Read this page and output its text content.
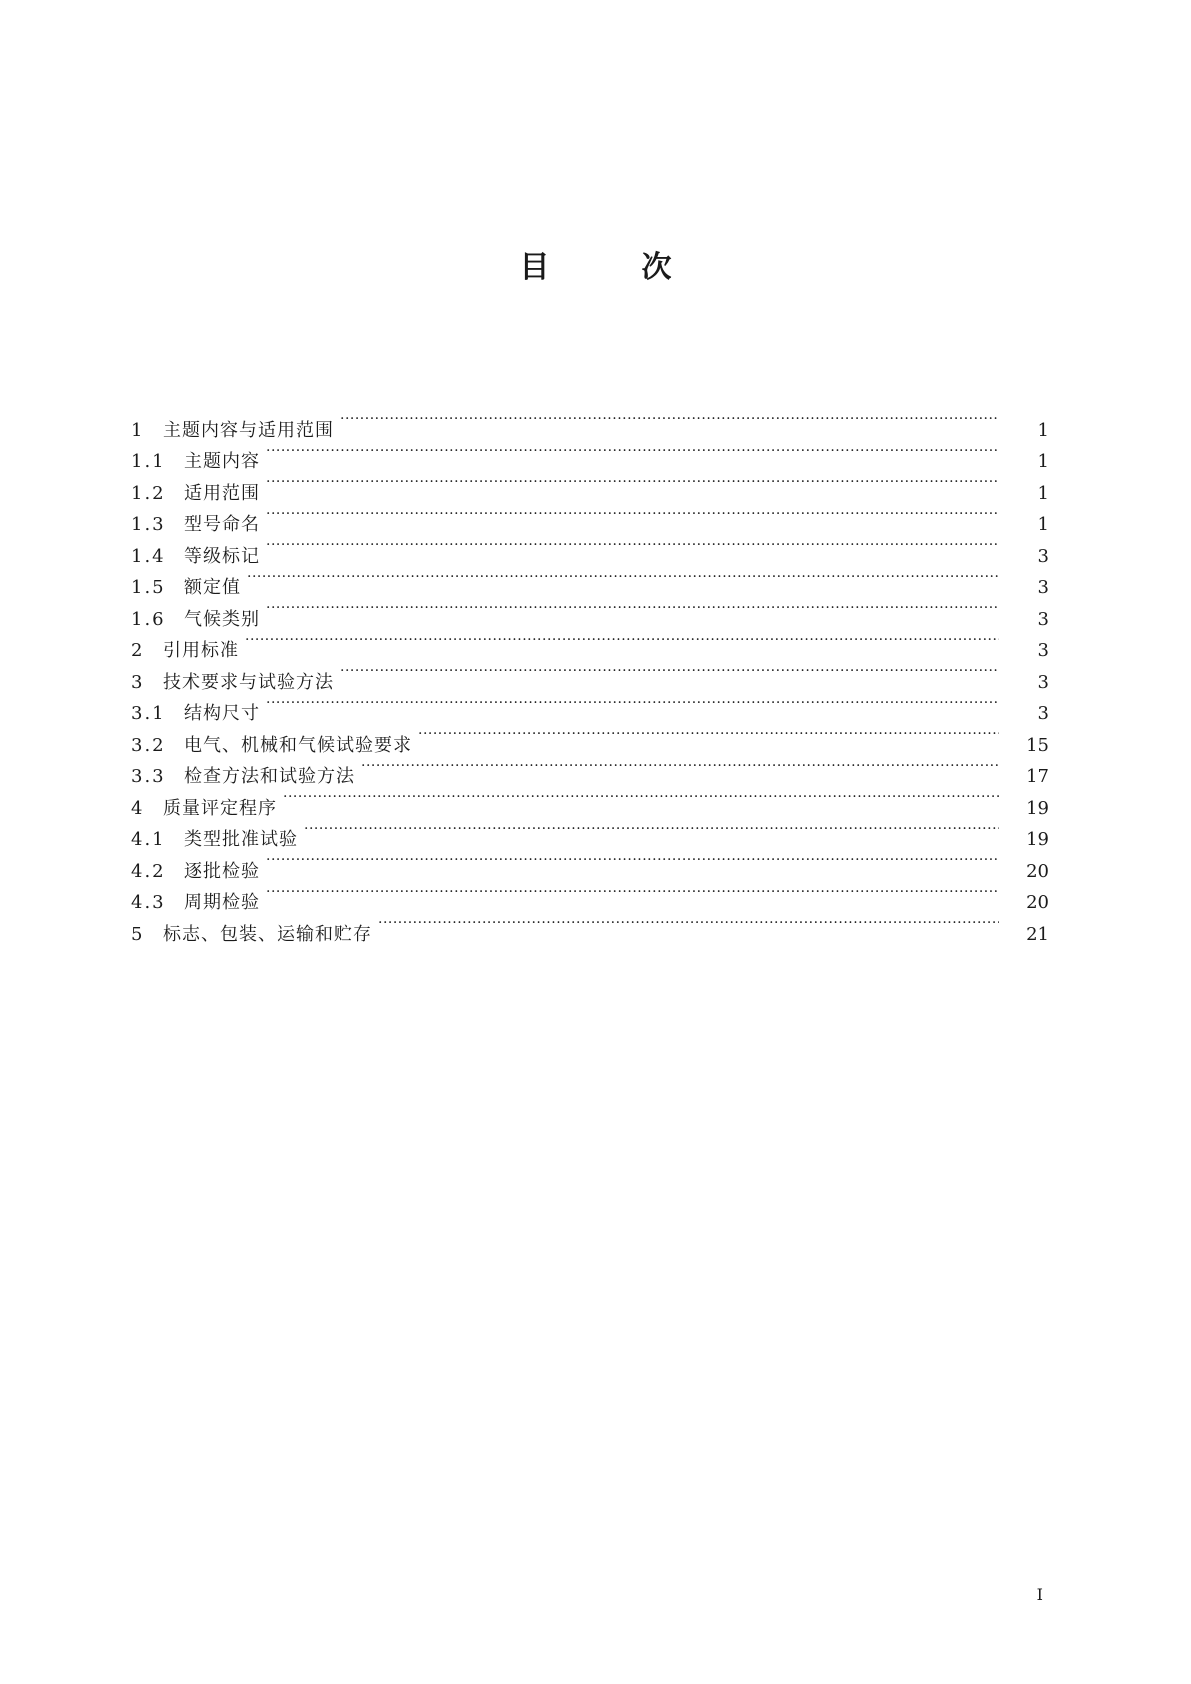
目	次
1	主题内容与适用范围 ·····	1
1.1	主题内容 ·····	1
1.2	适用范围 ·····	1
1.3	型号命名 ·····	1
1.4	等级标记 ·····	3
1.5	额定值 ·····	3
1.6	气候类别 ·····	3
2	引用标准 ·····	3
3	技术要求与试验方法 ·····	3
3.1	结构尺寸 ·····	3
3.2	电气、机械和气候试验要求 ·····	15
3.3	检查方法和试验方法 ·····	17
4	质量评定程序 ·····	19
4.1	类型批准试验 ·····	19
4.2	逐批检验 ·····	20
4.3	周期检验 ·····	20
5	标志、包装、运输和贮存 ·····	21
I
